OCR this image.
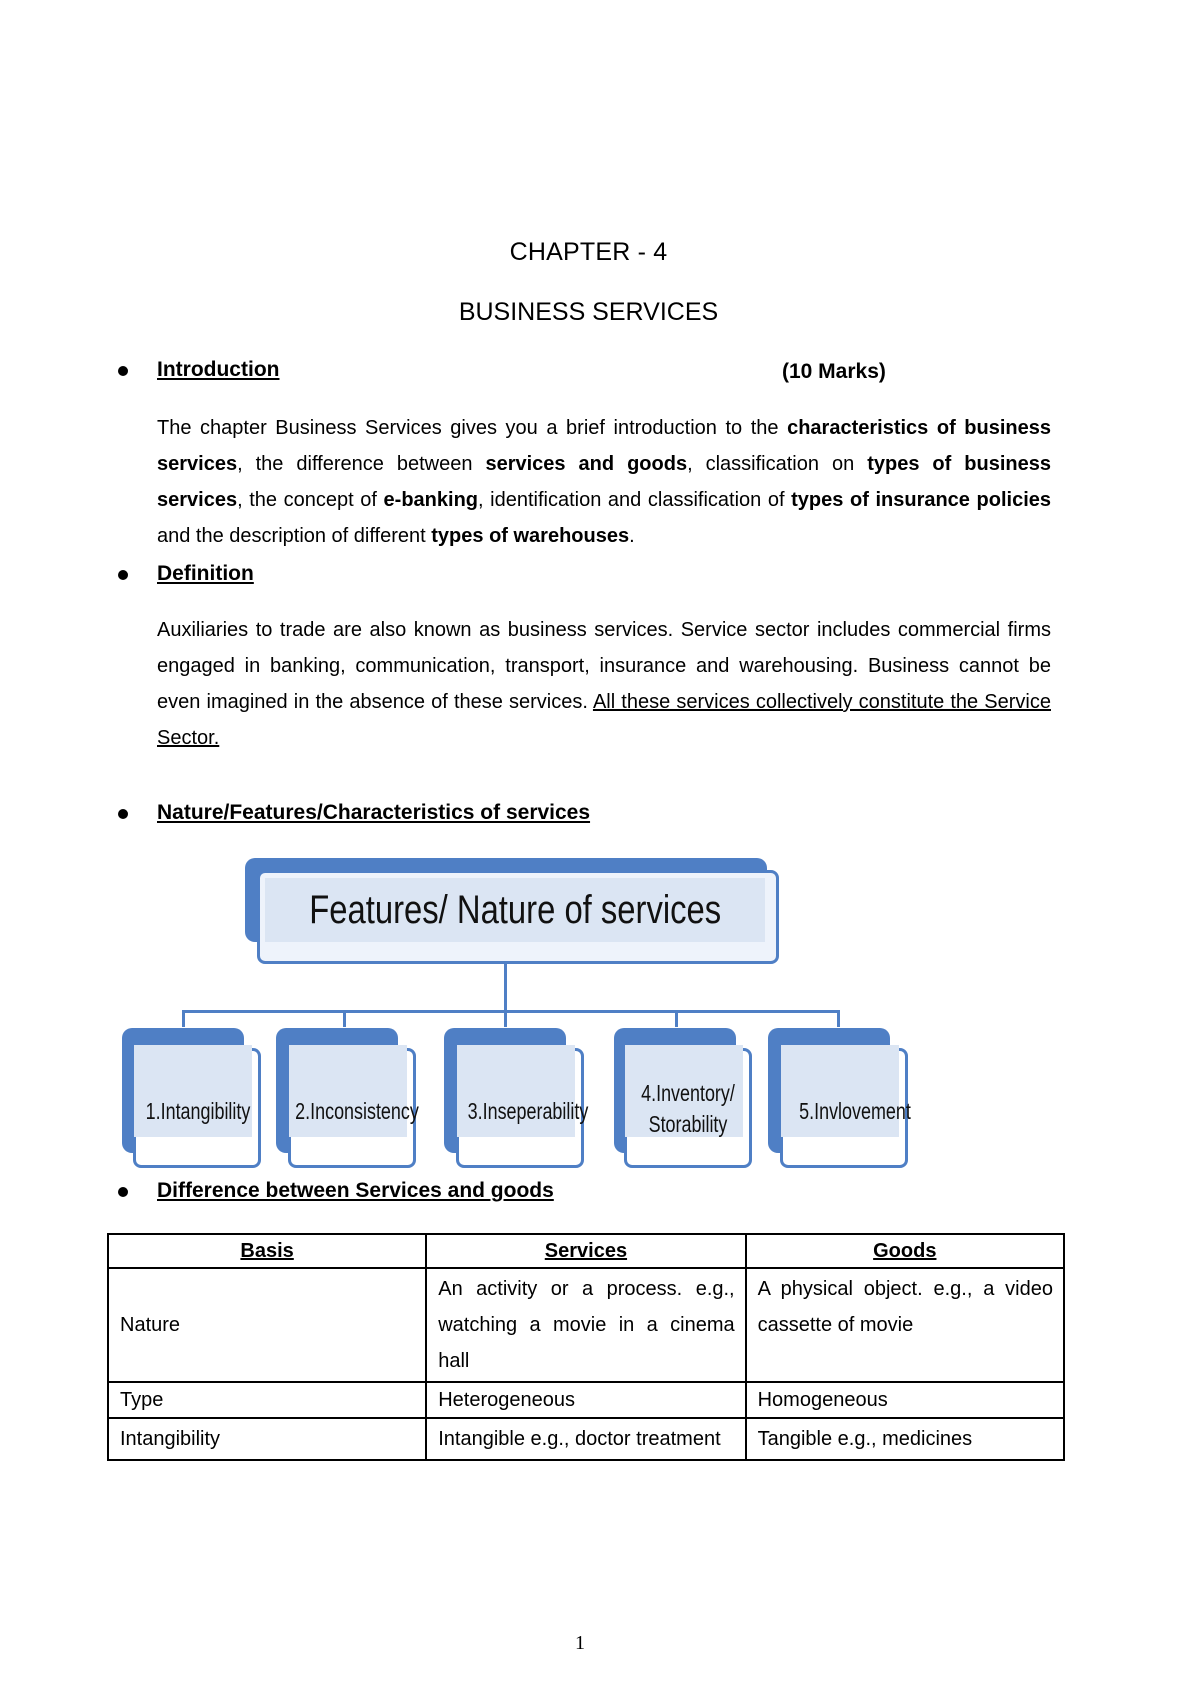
CHAPTER - 4
BUSINESS SERVICES
Introduction	(10 Marks)
The chapter Business Services gives you a brief introduction to the characteristics of business services, the difference between services and goods, classification on types of business services, the concept of e-banking, identification and classification of types of insurance policies and the description of different types of warehouses.
Definition
Auxiliaries to trade are also known as business services. Service sector includes commercial firms engaged in banking, communication, transport, insurance and warehousing. Business cannot be even imagined in the absence of these services. All these services collectively constitute the Service Sector.
Nature/Features/Characteristics of services
Features/ Nature of services
1.Intangibility	2.Inconsistency 3.Inseperability
4.Inventory/
Storability	5.Invlovement
Difference between Services and goods
Basis	Services	Goods
Nature	An activity or a process. e.g., watching a movie in a cinema hall	A physical object. e.g., a video cassette of movie
Type	Heterogeneous	Homogeneous
Intangibility	Intangible e.g., doctor treatment	Tangible e.g., medicines
1
